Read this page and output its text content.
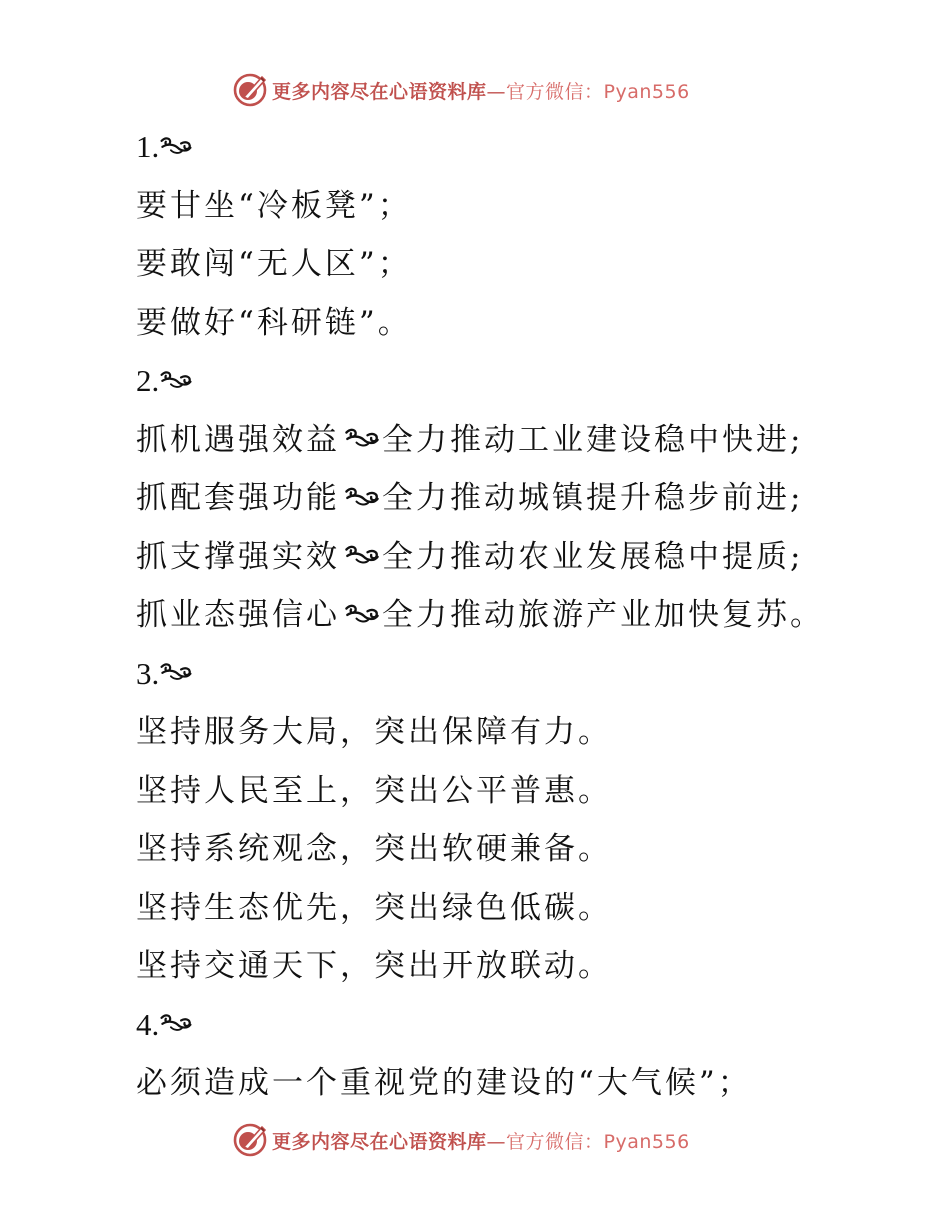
更多内容尽在心语资料库—官方微信：Pyan556
1.
要甘坐“冷板凳”；
要敢闯“无人区”；
要做好“科研链”。
2.
抓机遇强效益 全力推动工业建设稳中快进;
抓配套强功能 全力推动城镇提升稳步前进;
抓支撑强实效 全力推动农业发展稳中提质;
抓业态强信心 全力推动旅游产业加快复苏。
3.
坚持服务大局，突出保障有力。
坚持人民至上，突出公平普惠。
坚持系统观念，突出软硬兼备。
坚持生态优先，突出绿色低碳。
坚持交通天下，突出开放联动。
4.
必须造成一个重视党的建设的“大气候”；
更多内容尽在心语资料库—官方微信：Pyan556
